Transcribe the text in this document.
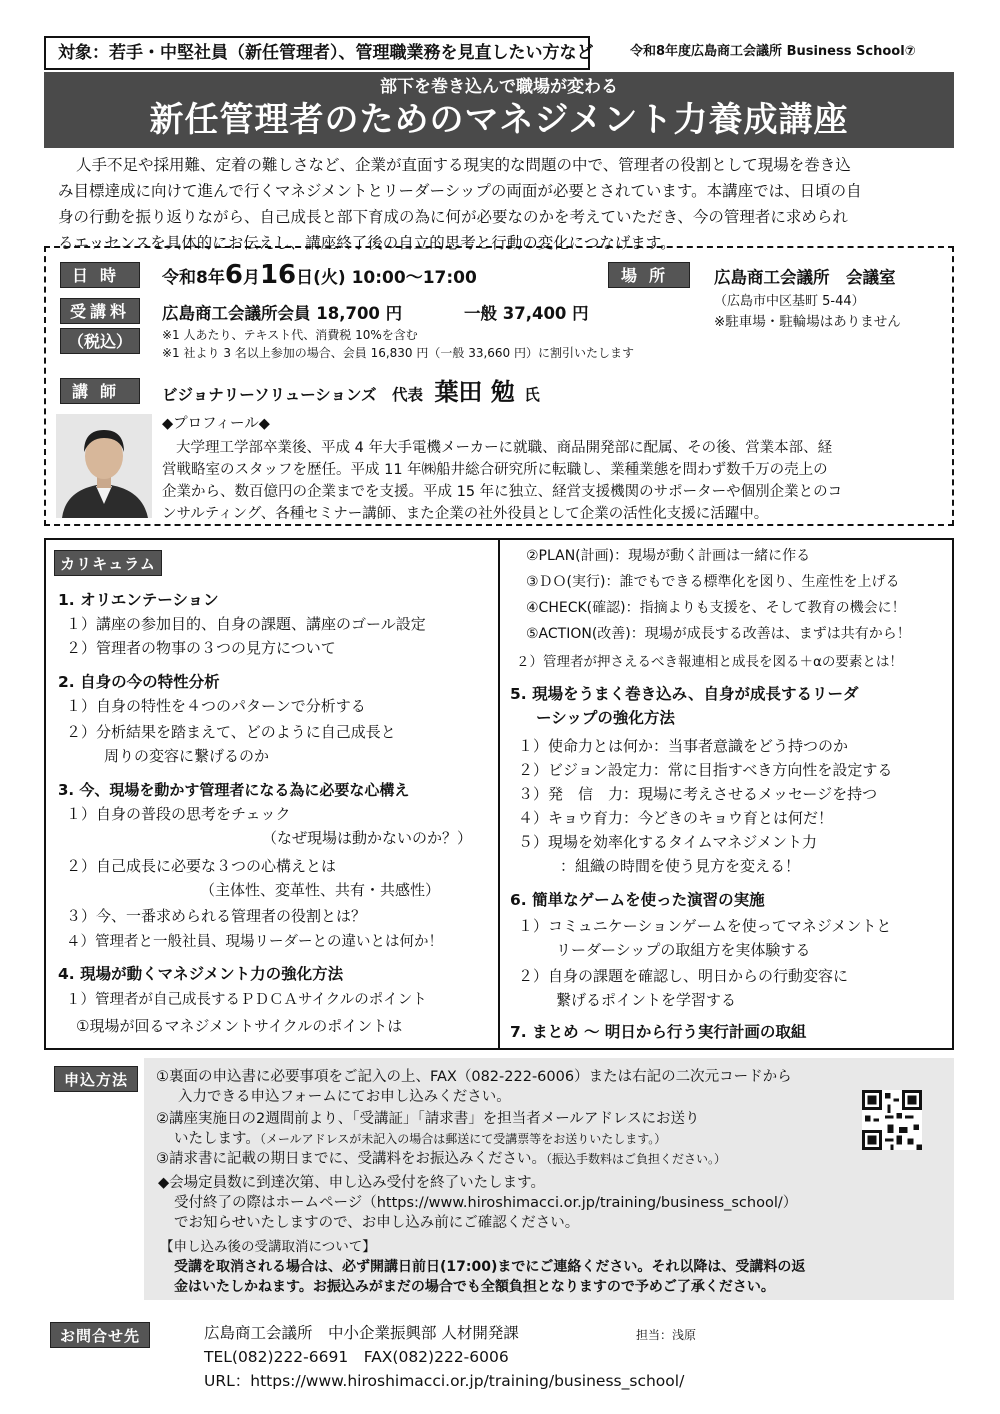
対象：若手・中堅社員（新任管理者）、管理職業務を見直したい方など	令和8年度広島商工会議所 Business School⑦
部下を巻き込んで職場が変わる
新任管理者のためのマネジメント力養成講座
人手不足や採用難、定着の難しさなど、企業が直面する現実的な問題の中で、管理者の役割として現場を巻き込
み目標達成に向けて進んで行くマネジメントとリーダーシップの両面が必要とされています。本講座では、日頃の自
身の行動を振り返りながら、自己成長と部下育成の為に何が必要なのかを考えていただき、今の管理者に求められ
るエッセンスを具体的にお伝えし、講座終了後の自立的思考と行動の変化につなげます。
日時	令和8年6月16日(火) 10:00～17:00	場所	広島商工会議所　会議室
（広島市中区基町 5-44）
※駐車場・駐輪場はありません
受講料
（税込）
広島商工会議所会員 18,700 円	一般 37,400 円
※1 人あたり、テキスト代、消費税 10%を含む
※1 社より 3 名以上参加の場合、会員 16,830 円（一般 33,660 円）に割引いたします
講師	ビジョナリーソリューションズ　代表 葉田 勉 氏
◆プロフィール◆
大学理工学部卒業後、平成 4 年大手電機メーカーに就職、商品開発部に配属、その後、営業本部、経
営戦略室のスタッフを歴任。平成 11 年㈱船井総合研究所に転職し、業種業態を問わず数千万の売上の
企業から、数百億円の企業までを支援。平成 15 年に独立、経営支援機関のサポーターや個別企業とのコ
ンサルティング、各種セミナー講師、また企業の社外役員として企業の活性化支援に活躍中。
カリキュラム
1. オリエンテーション
１）講座の参加目的、自身の課題、講座のゴール設定
２）管理者の物事の３つの見方について
2. 自身の今の特性分析
１）自身の特性を４つのパターンで分析する
２）分析結果を踏まえて、どのように自己成長と
周りの変容に繋げるのか
3. 今、現場を動かす管理者になる為に必要な心構え
１）自身の普段の思考をチェック
（なぜ現場は動かないのか？）
２）自己成長に必要な３つの心構えとは
（主体性、変革性、共有・共感性）
３）今、一番求められる管理者の役割とは？
４）管理者と一般社員、現場リーダーとの違いとは何か！
4. 現場が動くマネジメント力の強化方法
１）管理者が自己成長するＰＤＣＡサイクルのポイント
①現場が回るマネジメントサイクルのポイントは
②PLAN(計画)：現場が動く計画は一緒に作る
③ＤＯ(実行)：誰でもできる標準化を図り、生産性を上げる
④CHECK(確認)：指摘よりも支援を、そして教育の機会に！
⑤ACTION(改善)：現場が成長する改善は、まずは共有から！
２）管理者が押さえるべき報連相と成長を図る＋αの要素とは！
5. 現場をうまく巻き込み、自身が成長するリーダ
ーシップの強化方法
１）使命力とは何か：当事者意識をどう持つのか
２）ビジョン設定力：常に目指すべき方向性を設定する
３）発　信　力：現場に考えさせるメッセージを持つ
４）キョウ育力：今どきのキョウ育とは何だ！
５）現場を効率化するタイムマネジメント力
：組織の時間を使う見方を変える！
6. 簡単なゲームを使った演習の実施
１）コミュニケーションゲームを使ってマネジメントと
リーダーシップの取組方を実体験する
２）自身の課題を確認し、明日からの行動変容に
繋げるポイントを学習する
7. まとめ ～ 明日から行う実行計画の取組
申込方法	①裏面の申込書に必要事項をご記入の上、FAX（082-222-6006）または右記の二次元コードから
入力できる申込フォームにてお申し込みください。
②講座実施日の2週間前より、「受講証」「請求書」を担当者メールアドレスにお送り
いたします。（メールアドレスが未記入の場合は郵送にて受講票等をお送りいたします。）
③請求書に記載の期日までに、受講料をお振込みください。（振込手数料はご負担ください。）
◆会場定員数に到達次第、申し込み受付を終了いたします。
受付終了の際はホームページ（https://www.hiroshimacci.or.jp/training/business_school/）
でお知らせいたしますので、お申し込み前にご確認ください。
【申し込み後の受講取消について】
受講を取消される場合は、必ず開講日前日(17:00)までにご連絡ください。それ以降は、受講料の返
金はいたしかねます。お振込みがまだの場合でも全額負担となりますので予めご了承ください。
お問合せ先	広島商工会議所　中小企業振興部 人材開発課	担当：浅原
TEL(082)222-6691　FAX(082)222-6006
URL：https://www.hiroshimacci.or.jp/training/business_school/
